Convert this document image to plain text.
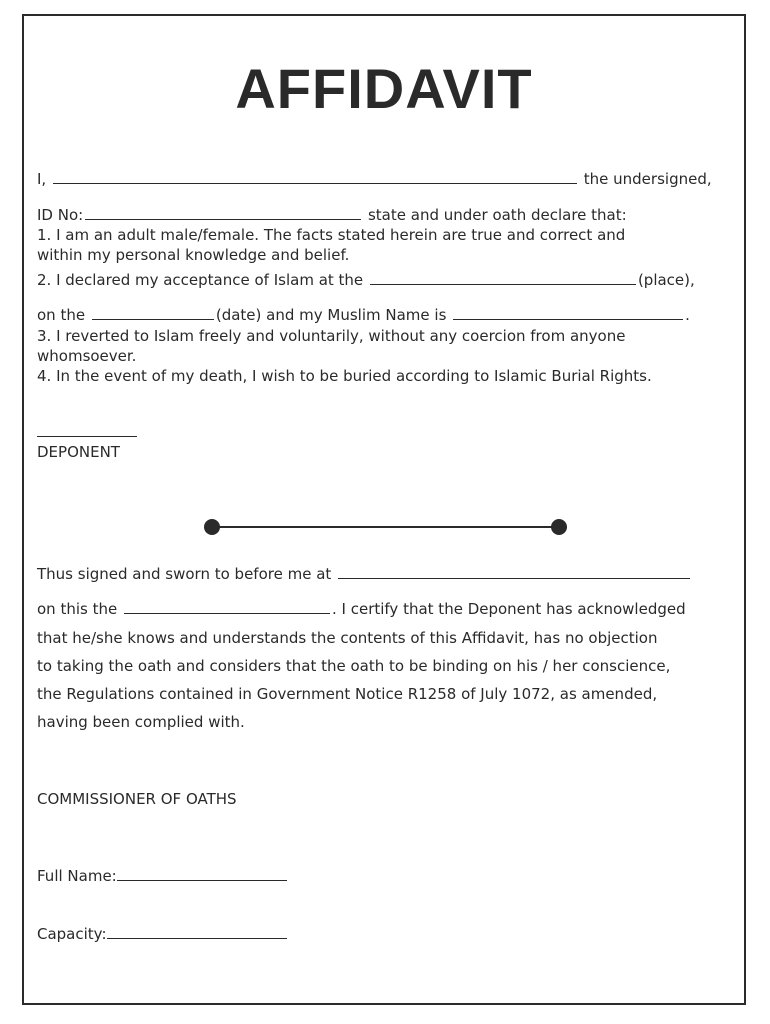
AFFIDAVIT
I,	the undersigned,
ID No:	state and under oath declare that:
1. I am an adult male/female. The facts stated herein are true and correct and
within my personal knowledge and belief.
2. I declared my acceptance of Islam at the	(place),
on the	(date) and my Muslim Name is	.
3. I reverted to Islam freely and voluntarily, without any coercion from anyone
whomsoever.
4. In the event of my death, I wish to be buried according to Islamic Burial Rights.
DEPONENT
Thus signed and sworn to before me at
on this the	. I certify that the Deponent has acknowledged
that he/she knows and understands the contents of this Affidavit, has no objection
to taking the oath and considers that the oath to be binding on his / her conscience,
the Regulations contained in Government Notice R1258 of July 1072, as amended,
having been complied with.
COMMISSIONER OF OATHS
Full Name:
Capacity:
